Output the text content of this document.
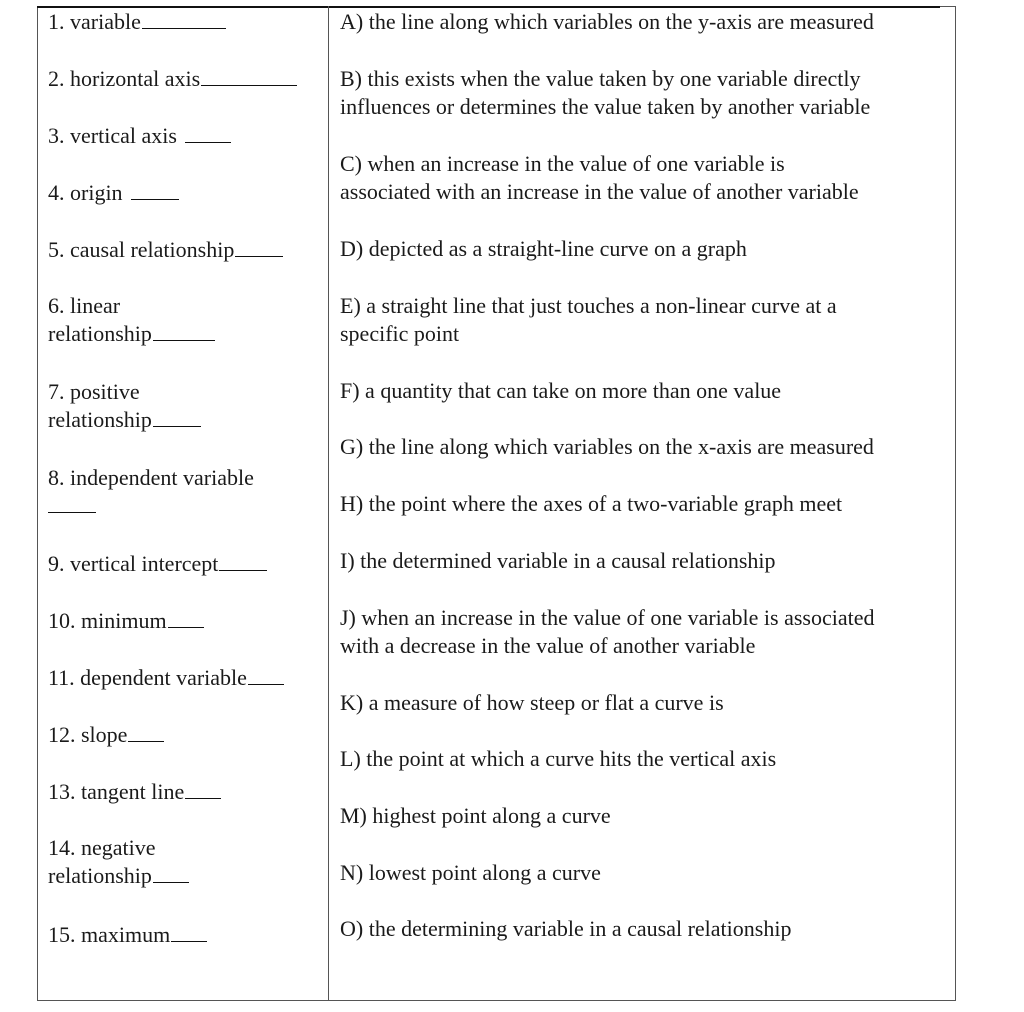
1. variable
2. horizontal axis
3. vertical axis
4. origin
5. causal relationship
6. linear
relationship
7. positive
relationship
8. independent variable

9. vertical intercept
10. minimum
11. dependent variable
12. slope
13. tangent line
14. negative
relationship
15. maximum
A) the line along which variables on the y-axis are measured
B) this exists when the value taken by one variable directly
influences or determines the value taken by another variable
C) when an increase in the value of one variable is
associated with an increase in the value of another variable
D) depicted as a straight-line curve on a graph
E) a straight line that just touches a non-linear curve at a
specific point
F) a quantity that can take on more than one value
G) the line along which variables on the x-axis are measured
H) the point where the axes of a two-variable graph meet
I) the determined variable in a causal relationship
J) when an increase in the value of one variable is associated
with a decrease in the value of another variable
K) a measure of how steep or flat a curve is
L) the point at which a curve hits the vertical axis
M) highest point along a curve
N) lowest point along a curve
O) the determining variable in a causal relationship
